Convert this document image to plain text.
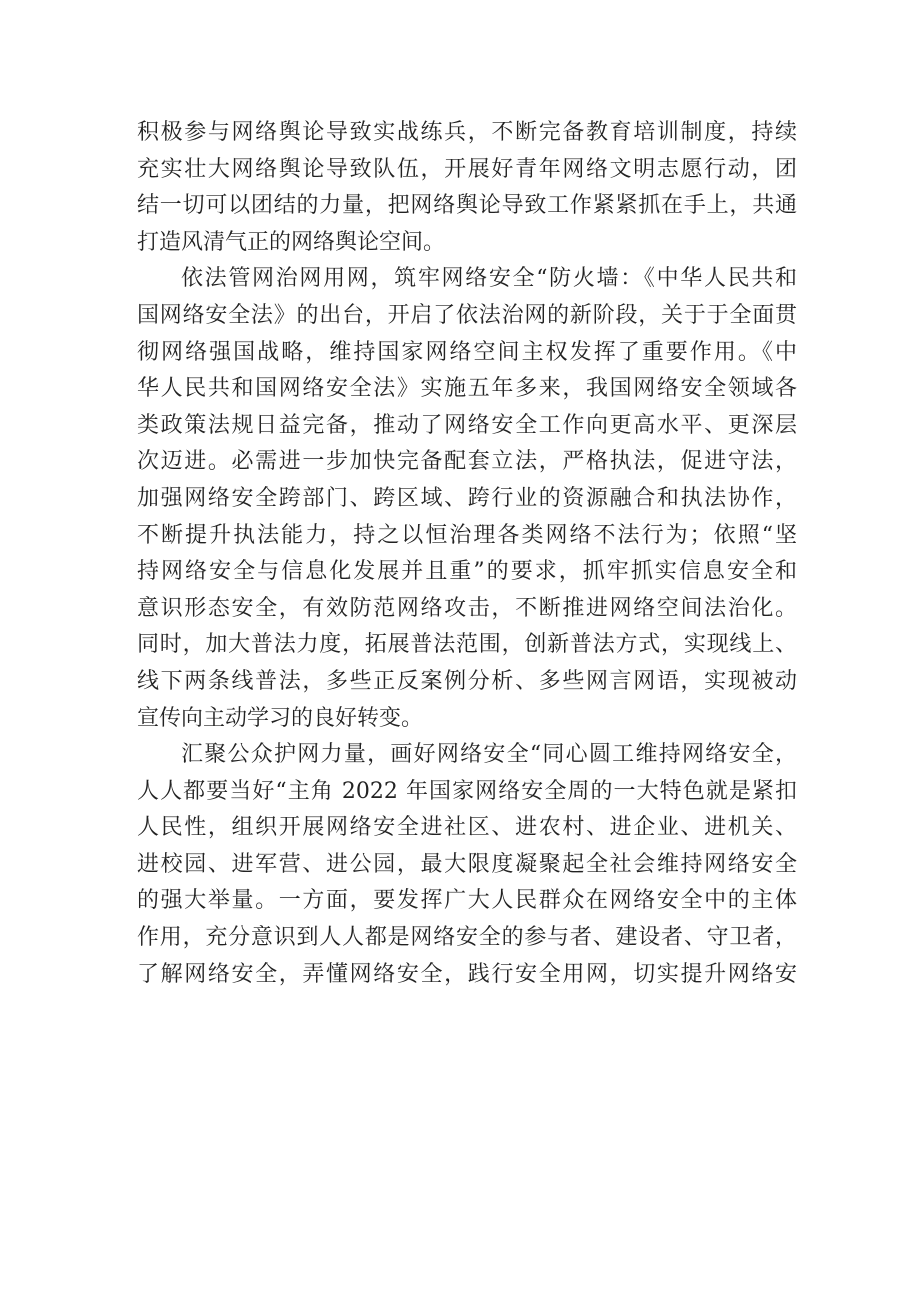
积极参与网络舆论导致实战练兵，不断完备教育培训制度，持续
充实壮大网络舆论导致队伍，开展好青年网络文明志愿行动，团
结一切可以团结的力量，把网络舆论导致工作紧紧抓在手上，共通
打造风清气正的网络舆论空间。
依法管网治网用网，筑牢网络安全“防火墙：《中华人民共和
国网络安全法》的出台，开启了依法治网的新阶段，关于于全面贯
彻网络强国战略，维持国家网络空间主权发挥了重要作用。《中
华人民共和国网络安全法》实施五年多来，我国网络安全领域各
类政策法规日益完备，推动了网络安全工作向更高水平、更深层
次迈进。必需进一步加快完备配套立法，严格执法，促进守法，
加强网络安全跨部门、跨区域、跨行业的资源融合和执法协作，
不断提升执法能力，持之以恒治理各类网络不法行为；依照“坚
持网络安全与信息化发展并且重”的要求，抓牢抓实信息安全和
意识形态安全，有效防范网络攻击，不断推进网络空间法治化。
同时，加大普法力度，拓展普法范围，创新普法方式，实现线上、
线下两条线普法，多些正反案例分析、多些网言网语，实现被动
宣传向主动学习的良好转变。
汇聚公众护网力量，画好网络安全“同心圆工维持网络安全，
人人都要当好“主角 2022 年国家网络安全周的一大特色就是紧扣
人民性，组织开展网络安全进社区、进农村、进企业、进机关、
进校园、进军营、进公园，最大限度凝聚起全社会维持网络安全
的强大举量。一方面，要发挥广大人民群众在网络安全中的主体
作用，充分意识到人人都是网络安全的参与者、建设者、守卫者，
了解网络安全，弄懂网络安全，践行安全用网，切实提升网络安
